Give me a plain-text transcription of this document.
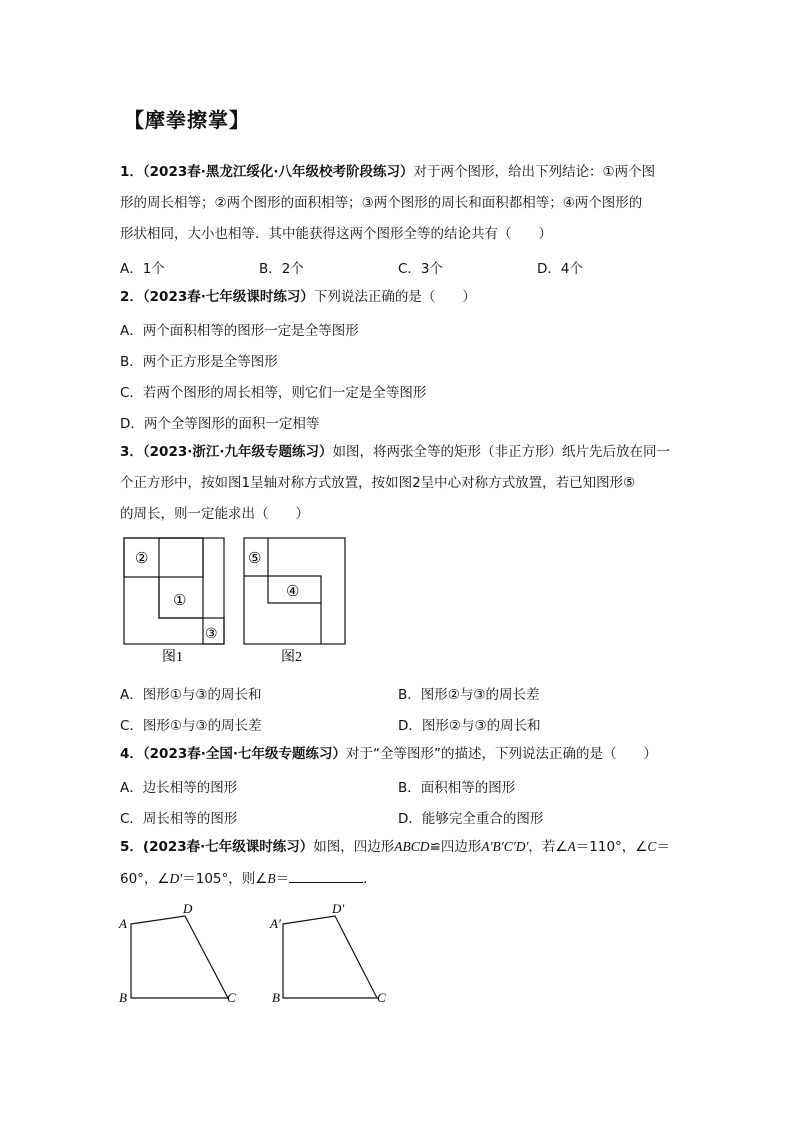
【摩拳擦掌】
1．（2023春·黑龙江绥化·八年级校考阶段练习）对于两个图形，给出下列结论：①两个图
形的周长相等；②两个图形的面积相等；③两个图形的周长和面积都相等；④两个图形的
形状相同，大小也相等．其中能获得这两个图形全等的结论共有（　　）
A．1个	B．2个	C．3个	D．4个
2．（2023春·七年级课时练习）下列说法正确的是（　　）
A．两个面积相等的图形一定是全等图形
B．两个正方形是全等图形
C．若两个图形的周长相等，则它们一定是全等图形
D．两个全等图形的面积一定相等
3．（2023·浙江·九年级专题练习）如图，将两张全等的矩形（非正方形）纸片先后放在同一
个正方形中，按如图1呈轴对称方式放置，按如图2呈中心对称方式放置，若已知图形⑤
的周长，则一定能求出（　　）
②
①
③
图1
⑤
④
图2
A．图形①与③的周长和	B．图形②与③的周长差
C．图形①与③的周长差	D．图形②与③的周长和
4．（2023春·全国·七年级专题练习）对于“全等图形”的描述，下列说法正确的是（　　）
A．边长相等的图形	B．面积相等的图形
C．周长相等的图形	D．能够完全重合的图形
5．(2023春·七年级课时练习）如图，四边形ABCD≌四边形A′B′C′D′，若∠A＝110°，∠C＝
60°，∠D′＝105°，则∠B＝	．
A
D
B	C
A′
D′
B	C
